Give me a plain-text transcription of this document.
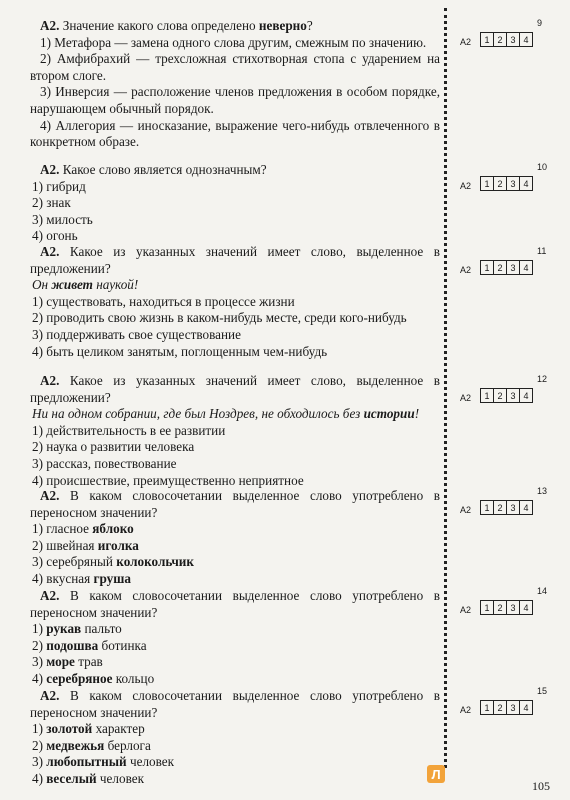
А2. Значение какого слова определено неверно?

1) Метафора — замена одного слова другим, смежным по значению.

2) Амфибрахий — трехсложная стихотворная стопа с ударением на втором слоге.

3) Инверсия — расположение членов предложения в особом порядке, нарушающем обычный порядок.

4) Аллегория — иносказание, выражение чего-нибудь отвлеченного в конкретном образе.

А2. Какое слово является однозначным?

1) гибрид

2) знак

3) милость

4) огонь

А2. Какое из указанных значений имеет слово, выделенное в предложении?

Он живет наукой!

1) существовать, находиться в процессе жизни

2) проводить свою жизнь в каком-нибудь месте, среди кого-нибудь

3) поддерживать свое существование

4) быть целиком занятым, поглощенным чем-нибудь

А2. Какое из указанных значений имеет слово, выделенное в предложении?

Ни на одном собрании, где был Ноздрев, не обходилось без истории!

1) действительность в ее развитии

2) наука о развитии человека

3) рассказ, повествование

4) происшествие, преимущественно неприятное

А2. В каком словосочетании выделенное слово употреблено в переносном значении?

1) гласное яблоко

2) швейная иголка

3) серебряный колокольчик

4) вкусная груша

А2. В каком словосочетании выделенное слово употреблено в переносном значении?

1) рукав пальто

2) подошва ботинка

3) море трав

4) серебряное кольцо

А2. В каком словосочетании выделенное слово употреблено в переносном значении?

1) золотой характер

2) медвежья берлога

3) любопытный человек

4) веселый человек

9
A2	1 2 3 4
10
A2	1 2 3 4
11
A2	1 2 3 4
12
A2	1 2 3 4
13
A2	1 2 3 4
14
A2	1 2 3 4
15
A2	1 2 3 4
Л
105
